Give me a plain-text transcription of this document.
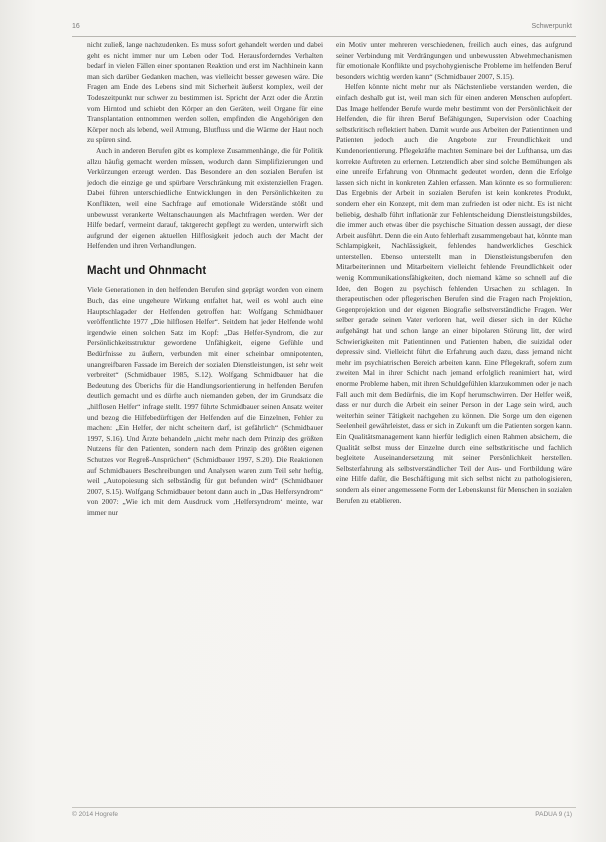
16	Schwerpunkt

nicht zuließ, lange nachzudenken. Es muss sofort gehandelt werden und dabei geht es nicht immer nur um Leben oder Tod. Herausforderndes Verhalten bedarf in vielen Fällen einer spontanen Reaktion und erst im Nachhinein kann man sich darüber Gedanken machen, was vielleicht besser gewesen wäre. Die Fragen am Ende des Lebens sind mit Sicherheit äußerst komplex, weil der Todeszeitpunkt nur schwer zu bestimmen ist. Spricht der Arzt oder die Ärztin vom Hirntod und schiebt den Körper an den Geräten, weil Organe für eine Transplantation entnommen werden sollen, empfinden die Angehörigen den Körper noch als lebend, weil Atmung, Blutfluss und die Wärme der Haut noch zu spüren sind.

Auch in anderen Berufen gibt es komplexe Zusammenhänge, die für Politik allzu häufig gemacht werden müssen, wodurch dann Simplifizierungen und Verkürzungen erzeugt werden. Das Besondere an den sozialen Berufen ist jedoch die einzige ge und spürbare Verschränkung mit existenziellen Fragen. Dabei führen unterschiedliche Entwicklungen in den Persönlichkeiten zu Konflikten, weil eine Sachfrage auf emotionale Widerstände stößt und unbewusst verankerte Weltanschauungen als Machtfragen werden. Wer der Hilfe bedarf, vermeint darauf, taktgerecht gepflegt zu werden, unterwirft sich aufgrund der eigenen aktuellen Hilflosigkeit jedoch auch der Macht der Helfenden und ihren Verhandlungen.

Macht und Ohnmacht

Viele Generationen in den helfenden Berufen sind geprägt worden von einem Buch, das eine ungeheure Wirkung entfaltet hat, weil es wohl auch eine Hauptschlagader der Helfenden getroffen hat: Wolfgang Schmidbauer veröffentlichte 1977 „Die hilflosen Helfer“. Seitdem hat jeder Helfende wohl irgendwie einen solchen Satz im Kopf: „Das Helfer-Syndrom, die zur Persönlichkeitsstruktur gewordene Unfähigkeit, eigene Gefühle und Bedürfnisse zu äußern, verbunden mit einer scheinbar omnipotenten, unangreifbaren Fassade im Bereich der sozialen Dienstleistungen, ist sehr weit verbreitet“ (Schmidbauer 1985, S.12). Wolfgang Schmidbauer hat die Bedeutung des Überichs für die Handlungsorientierung in helfenden Berufen deutlich gemacht und es dürfte auch niemanden geben, der im Grundsatz die „hilflosen Helfer“ infrage stellt. 1997 führte Schmidbauer seinen Ansatz weiter und bezog die Hilfebedürftigen der Helfenden auf die Einzelnen, Fehler zu machen: „Ein Helfer, der nicht scheitern darf, ist gefährlich“ (Schmidbauer 1997, S.16). Und Ärzte behandeln „nicht mehr nach dem Prinzip des größten Nutzens für den Patienten, sondern nach dem Prinzip des größten eigenen Schutzes vor Regreß-Ansprüchen“ (Schmidbauer 1997, S.20). Die Reaktionen auf Schmidbauers Beschreibungen und Analysen waren zum Teil sehr heftig, weil „Autopoiesung sich selbständig für gut befunden wird“ (Schmidbauer 2007, S.15). Wolfgang Schmidbauer betont dann auch in „Das Helfersyndrom“ von 2007: „Wie ich mit dem Ausdruck vom ‚Helfersyndrom‘ meinte, war immer nur

ein Motiv unter mehreren verschiedenen, freilich auch eines, das aufgrund seiner Verbindung mit Verdrängungen und unbewussten Abwehmechanismen für emotionale Konflikte und psychohygienische Probleme im helfenden Beruf besonders wichtig werden kann“ (Schmidbauer 2007, S.15).

Helfen könnte nicht mehr nur als Nächstenliebe verstanden werden, die einfach deshalb gut ist, weil man sich für einen anderen Menschen aufopfert. Das Image helfender Berufe wurde mehr bestimmt von der Persönlichkeit der Helfenden, die für ihren Beruf Befähigungen, Supervision oder Coaching selbstkritisch reflektiert haben. Damit wurde aus Arbeiten der Patientinnen und Patienten jedoch auch die Angebote zur Freundlichkeit und Kundenorientierung. Pflegekräfte machten Seminare bei der Lufthansa, um das korrekte Auftreten zu erlernen. Letztendlich aber sind solche Bemühungen als eine unreife Erfahrung von Ohnmacht gedeutet worden, denn die Erfolge lassen sich nicht in konkreten Zahlen erfassen. Man könnte es so formulieren: Das Ergebnis der Arbeit in sozialen Berufen ist kein konkretes Produkt, sondern eher ein Konzept, mit dem man zufrieden ist oder nicht. Es ist nicht beliebig, deshalb führt inflationär zur Fehlentscheidung Dienstleistungsbildes, die immer auch etwas über die psychische Situation dessen aussagt, der diese Arbeit ausführt. Denn die ein Auto fehlerhaft zusammengebaut hat, könnte man Schlampigkeit, Nachlässigkeit, fehlendes handwerkliches Geschick unterstellen. Ebenso unterstellt man in Dienstleistungsberufen den Mitarbeiterinnen und Mitarbeitern vielleicht fehlende Freundlichkeit oder wenig Kommunikationsfähigkeiten, doch niemand käme so schnell auf die Idee, den Bogen zu psychisch fehlenden Ursachen zu schlagen. In therapeutischen oder pflegerischen Berufen sind die Fragen nach Projektion, Gegenprojektion und der eigenen Biografie selbstverständliche Fragen. Wer selber gerade seinen Vater verloren hat, weil dieser sich in der Küche aufgehängt hat und schon lange an einer bipolaren Störung litt, der wird Schwierigkeiten mit Patientinnen und Patienten haben, die suizidal oder depressiv sind. Vielleicht führt die Erfahrung auch dazu, dass jemand nicht mehr im psychiatrischen Bereich arbeiten kann. Eine Pflegekraft, sofern zum zweiten Mal in ihrer Schicht nach jemand erfolglich reanimiert hat, wird enorme Probleme haben, mit ihren Schuldgefühlen klarzukommen oder je nach Fall auch mit dem Bedürfnis, die im Kopf herumschwirren. Der Helfer weiß, dass er nur durch die Arbeit ein seiner Person in der Lage sein wird, auch weiterhin seiner Tätigkeit nachgehen zu können. Die Sorge um den eigenen Seelenheil gewährleistet, dass er sich in Zukunft um die Patienten sorgen kann. Ein Qualitätsmanagement kann hierfür lediglich einen Rahmen absichern, die Qualität selbst muss der Einzelne durch eine selbstkritische und fachlich begleitete Auseinandersetzung mit seiner Persönlichkeit herstellen. Selbsterfahrung als selbstverständlicher Teil der Aus- und Fortbildung wäre eine Hilfe dafür, die Beschäftigung mit sich selbst nicht zu pathologisieren, sondern als einer angemessene Form der Lebenskunst für Menschen in sozialen Berufen zu etablieren.

© 2014 Hogrefe	PADUA 9 (1)
